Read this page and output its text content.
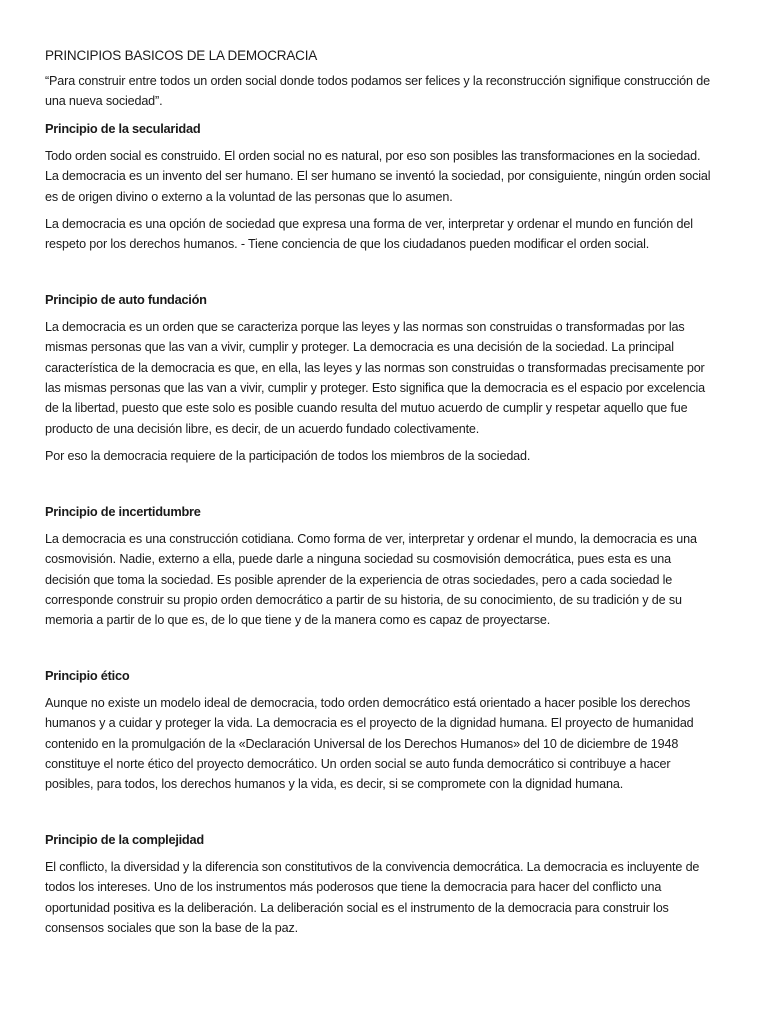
PRINCIPIOS BASICOS DE LA DEMOCRACIA

“Para construir entre todos un orden social donde todos podamos ser felices y la reconstrucción signifique construcción de una nueva sociedad”.

Principio de la secularidad

Todo orden social es construido. El orden social no es natural, por eso son posibles las transformaciones en la sociedad. La democracia es un invento del ser humano. El ser humano se inventó la sociedad, por consiguiente, ningún orden social es de origen divino o externo a la voluntad de las personas que lo asumen.

La democracia es una opción de sociedad que expresa una forma de ver, interpretar y ordenar el mundo en función del respeto por los derechos humanos. - Tiene conciencia de que los ciudadanos pueden modificar el orden social.

Principio de auto fundación

La democracia es un orden que se caracteriza porque las leyes y las normas son construidas o transformadas por las mismas personas que las van a vivir, cumplir y proteger. La democracia es una decisión de la sociedad. La principal característica de la democracia es que, en ella, las leyes y las normas son construidas o transformadas precisamente por las mismas personas que las van a vivir, cumplir y proteger. Esto significa que la democracia es el espacio por excelencia de la libertad, puesto que este solo es posible cuando resulta del mutuo acuerdo de cumplir y respetar aquello que fue producto de una decisión libre, es decir, de un acuerdo fundado colectivamente.

Por eso la democracia requiere de la participación de todos los miembros de la sociedad.

Principio de incertidumbre

La democracia es una construcción cotidiana. Como forma de ver, interpretar y ordenar el mundo, la democracia es una cosmovisión. Nadie, externo a ella, puede darle a ninguna sociedad su cosmovisión democrática, pues esta es una decisión que toma la sociedad. Es posible aprender de la experiencia de otras sociedades, pero a cada sociedad le corresponde construir su propio orden democrático a partir de su historia, de su conocimiento, de su tradición y de su memoria a partir de lo que es, de lo que tiene y de la manera como es capaz de proyectarse.

Principio ético

Aunque no existe un modelo ideal de democracia, todo orden democrático está orientado a hacer posible los derechos humanos y a cuidar y proteger la vida. La democracia es el proyecto de la dignidad humana. El proyecto de humanidad contenido en la promulgación de la «Declaración Universal de los Derechos Humanos» del 10 de diciembre de 1948 constituye el norte ético del proyecto democrático. Un orden social se auto funda democrático si contribuye a hacer posibles, para todos, los derechos humanos y la vida, es decir, si se compromete con la dignidad humana.

Principio de la complejidad

El conflicto, la diversidad y la diferencia son constitutivos de la convivencia democrática. La democracia es incluyente de todos los intereses. Uno de los instrumentos más poderosos que tiene la democracia para hacer del conflicto una oportunidad positiva es la deliberación. La deliberación social es el instrumento de la democracia para construir los consensos sociales que son la base de la paz.
